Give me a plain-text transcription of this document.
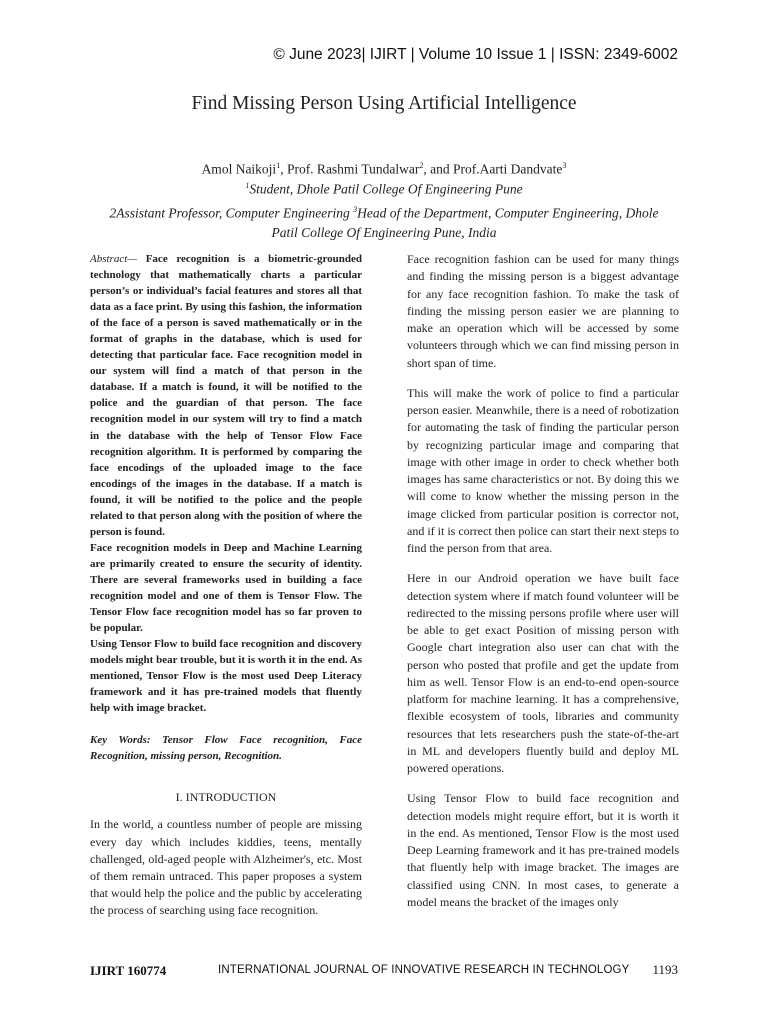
© June 2023| IJIRT | Volume 10 Issue 1 | ISSN: 2349-6002
Find Missing Person Using Artificial Intelligence
Amol Naikoji$^1$, Prof. Rashmi Tundalwar$^2$, and Prof.Aarti Dandvate$^3$
$^1$Student, Dhole Patil College Of Engineering Pune
2Assistant Professor, Computer Engineering $^3$Head of the Department, Computer Engineering, Dhole
Patil College Of Engineering Pune, India

Abstract— Face recognition is a biometric-grounded technology that mathematically charts a particular person’s or individual’s facial features and stores all that data as a face print. By using this fashion, the information of the face of a person is saved mathematically or in the format of graphs in the database, which is used for detecting that particular face. Face recognition model in our system will find a match of that person in the database. If a match is found, it will be notified to the police and the guardian of that person. The face recognition model in our system will try to find a match in the database with the help of Tensor Flow Face recognition algorithm. It is performed by comparing the face encodings of the uploaded image to the face encodings of the images in the database. If a match is found, it will be notified to the police and the people related to that person along with the position of where the person is found.

Face recognition models in Deep and Machine Learning are primarily created to ensure the security of identity. There are several frameworks used in building a face recognition model and one of them is Tensor Flow. The Tensor Flow face recognition model has so far proven to be popular.

Using Tensor Flow to build face recognition and discovery models might bear trouble, but it is worth it in the end. As mentioned, Tensor Flow is the most used Deep Literacy framework and it has pre-trained models that fluently help with image bracket.

Key Words: Tensor Flow Face recognition, Face Recognition, missing person, Recognition.
I. INTRODUCTION

In the world, a countless number of people are missing every day which includes kiddies, teens, mentally challenged, old-aged people with Alzheimer's, etc. Most of them remain untraced. This paper proposes a system that would help the police and the public by accelerating the process of searching using face recognition.

Face recognition fashion can be used for many things and finding the missing person is a biggest advantage for any face recognition fashion. To make the task of finding the missing person easier we are planning to make an operation which will be accessed by some volunteers through which we can find missing person in short span of time.

This will make the work of police to find a particular person easier. Meanwhile, there is a need of robotization for automating the task of finding the particular person by recognizing particular image and comparing that image with other image in order to check whether both images has same characteristics or not. By doing this we will come to know whether the missing person in the image clicked from particular position is corrector not, and if it is correct then police can start their next steps to find the person from that area.

Here in our Android operation we have built face detection system where if match found volunteer will be redirected to the missing persons profile where user will be able to get exact Position of missing person with Google chart integration also user can chat with the person who posted that profile and get the update from him as well. Tensor Flow is an end-to-end open-source platform for machine learning. It has a comprehensive, flexible ecosystem of tools, libraries and community resources that lets researchers push the state-of-the-art in ML and developers fluently build and deploy ML powered operations.

Using Tensor Flow to build face recognition and detection models might require effort, but it is worth it in the end. As mentioned, Tensor Flow is the most used Deep Learning framework and it has pre-trained models that fluently help with image bracket. The images are classified using CNN. In most cases, to generate a model means the bracket of the images only

IJIRT 160774	INTERNATIONAL JOURNAL OF INNOVATIVE RESEARCH IN TECHNOLOGY 1193
